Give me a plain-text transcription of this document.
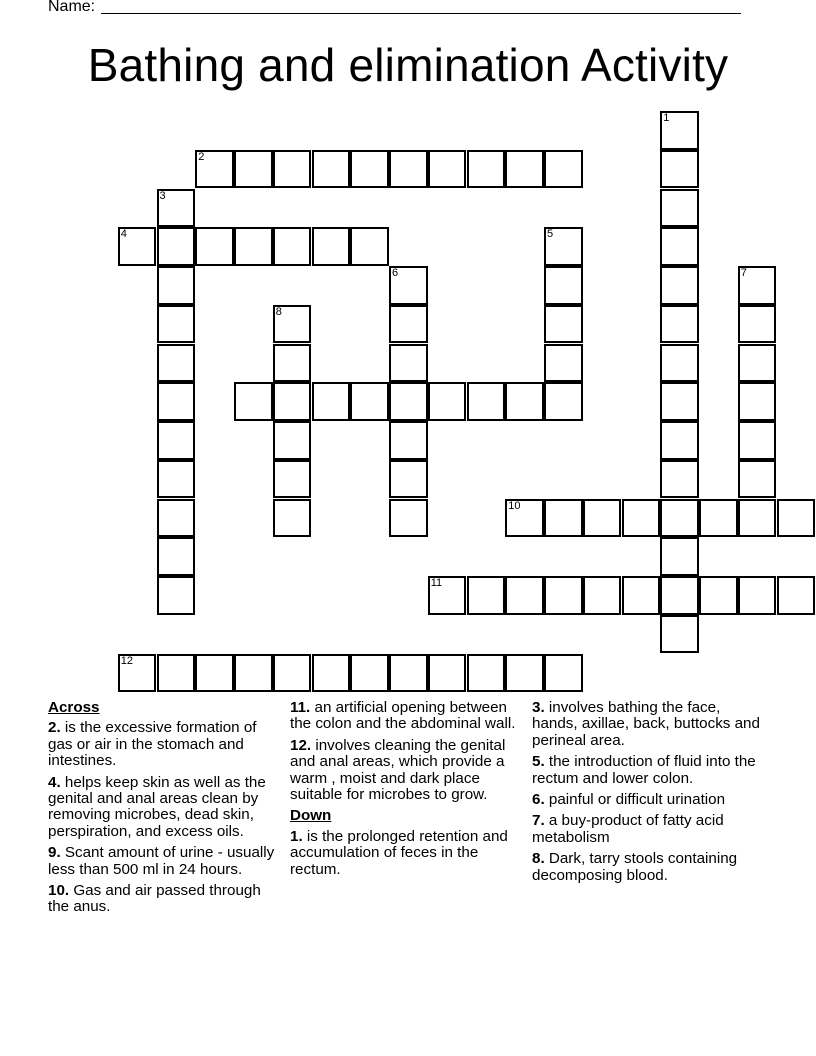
Name:
Bathing and elimination Activity
1
2
3
4	5
6	7
8
10
11
12
Across
2. is the excessive formation of gas or air in the stomach and intestines.
4. helps keep skin as well as the genital and anal areas clean by removing microbes, dead skin, perspiration, and excess oils.
9. Scant amount of urine - usually less than 500 ml in 24 hours.
10. Gas and air passed through the anus.
11. an artificial opening between the colon and the abdominal wall.
12. involves cleaning the genital and anal areas, which provide a warm , moist and dark place suitable for microbes to grow.
Down
1. is the prolonged retention and accumulation of feces in the rectum.
3. involves bathing the face, hands, axillae, back, buttocks and perineal area.
5. the introduction of fluid into the rectum and lower colon.
6. painful or difficult urination
7. a buy-product of fatty acid metabolism
8. Dark, tarry stools containing decomposing blood.
